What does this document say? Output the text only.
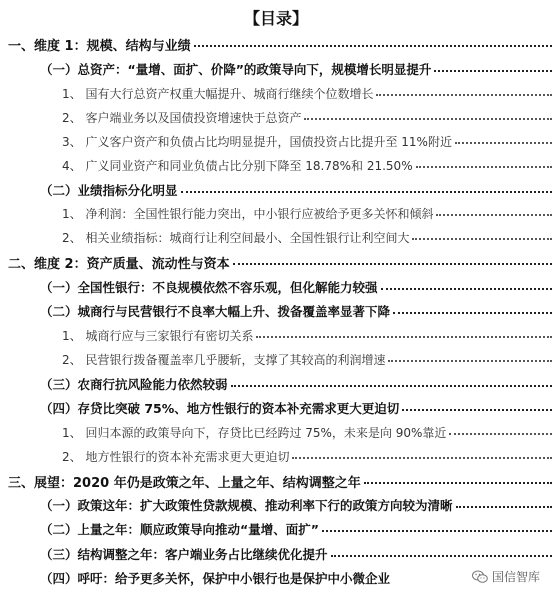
【目录】
一、维度 1：规模、结构与业绩
（一）总资产：“量增、面扩、价降”的政策导向下，规模增长明显提升
1、 国有大行总资产权重大幅提升、城商行继续个位数增长
2、 客户端业务以及国债投资增速快于总资产
3、 广义客户资产和负债占比均明显提升，国债投资占比提升至 11%附近
4、 广义同业资产和同业负债占比分别下降至 18.78%和 21.50%
（二）业绩指标分化明显
1、 净利润：全国性银行能力突出，中小银行应被给予更多关怀和倾斜
2、 相关业绩指标：城商行让利空间最小、全国性银行让利空间大
二、维度 2：资产质量、流动性与资本
（一）全国性银行：不良规模依然不容乐观，但化解能力较强
（二）城商行与民营银行不良率大幅上升、拨备覆盖率显著下降
1、 城商行应与三家银行有密切关系
2、 民营银行拨备覆盖率几乎腰斩，支撑了其较高的利润增速
（三）农商行抗风险能力依然较弱
（四）存贷比突破 75%、地方性银行的资本补充需求更大更迫切
1、 回归本源的政策导向下，存贷比已经跨过 75%，未来是向 90%靠近
2、 地方性银行的资本补充需求更大更迫切
三、展望：2020 年仍是政策之年、上量之年、结构调整之年
（一）政策这年：扩大政策性贷款规模、推动利率下行的政策方向较为清晰
（二）上量之年：顺应政策导向推动“量增、面扩”
（三）结构调整之年：客户端业务占比继续优化提升
（四）呼吁：给予更多关怀，保护中小银行也是保护中小微企业	国信智库
